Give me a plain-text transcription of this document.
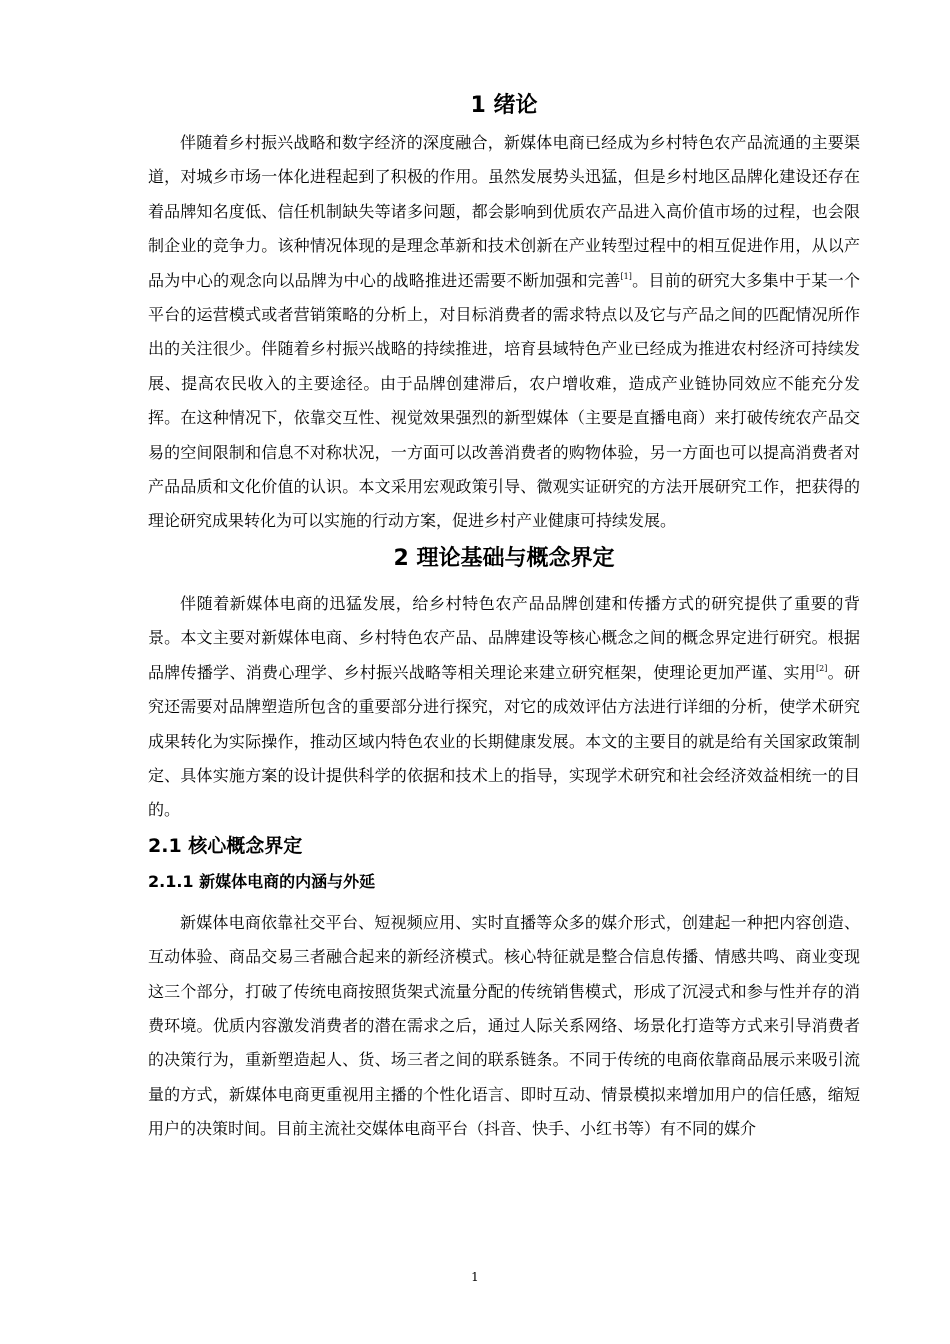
1 绪论

伴随着乡村振兴战略和数字经济的深度融合，新媒体电商已经成为乡村特色农产品流通的主要渠道，对城乡市场一体化进程起到了积极的作用。虽然发展势头迅猛，但是乡村地区品牌化建设还存在着品牌知名度低、信任机制缺失等诸多问题，都会影响到优质农产品进入高价值市场的过程，也会限制企业的竞争力。该种情况体现的是理念革新和技术创新在产业转型过程中的相互促进作用，从以产品为中心的观念向以品牌为中心的战略推进还需要不断加强和完善[1]。目前的研究大多集中于某一个平台的运营模式或者营销策略的分析上，对目标消费者的需求特点以及它与产品之间的匹配情况所作出的关注很少。伴随着乡村振兴战略的持续推进，培育县域特色产业已经成为推进农村经济可持续发展、提高农民收入的主要途径。由于品牌创建滞后，农户增收难，造成产业链协同效应不能充分发挥。在这种情况下，依靠交互性、视觉效果强烈的新型媒体（主要是直播电商）来打破传统农产品交易的空间限制和信息不对称状况，一方面可以改善消费者的购物体验，另一方面也可以提高消费者对产品品质和文化价值的认识。本文采用宏观政策引导、微观实证研究的方法开展研究工作，把获得的理论研究成果转化为可以实施的行动方案，促进乡村产业健康可持续发展。

2 理论基础与概念界定

伴随着新媒体电商的迅猛发展，给乡村特色农产品品牌创建和传播方式的研究提供了重要的背景。本文主要对新媒体电商、乡村特色农产品、品牌建设等核心概念之间的概念界定进行研究。根据品牌传播学、消费心理学、乡村振兴战略等相关理论来建立研究框架，使理论更加严谨、实用[2]。研究还需要对品牌塑造所包含的重要部分进行探究，对它的成效评估方法进行详细的分析，使学术研究成果转化为实际操作，推动区域内特色农业的长期健康发展。本文的主要目的就是给有关国家政策制定、具体实施方案的设计提供科学的依据和技术上的指导，实现学术研究和社会经济效益相统一的目的。

2.1 核心概念界定
2.1.1 新媒体电商的内涵与外延

新媒体电商依靠社交平台、短视频应用、实时直播等众多的媒介形式，创建起一种把内容创造、互动体验、商品交易三者融合起来的新经济模式。核心特征就是整合信息传播、情感共鸣、商业变现这三个部分，打破了传统电商按照货架式流量分配的传统销售模式，形成了沉浸式和参与性并存的消费环境。优质内容激发消费者的潜在需求之后，通过人际关系网络、场景化打造等方式来引导消费者的决策行为，重新塑造起人、货、场三者之间的联系链条。不同于传统的电商依靠商品展示来吸引流量的方式，新媒体电商更重视用主播的个性化语言、即时互动、情景模拟来增加用户的信任感，缩短用户的决策时间。目前主流社交媒体电商平台（抖音、快手、小红书等）有不同的媒介

1
